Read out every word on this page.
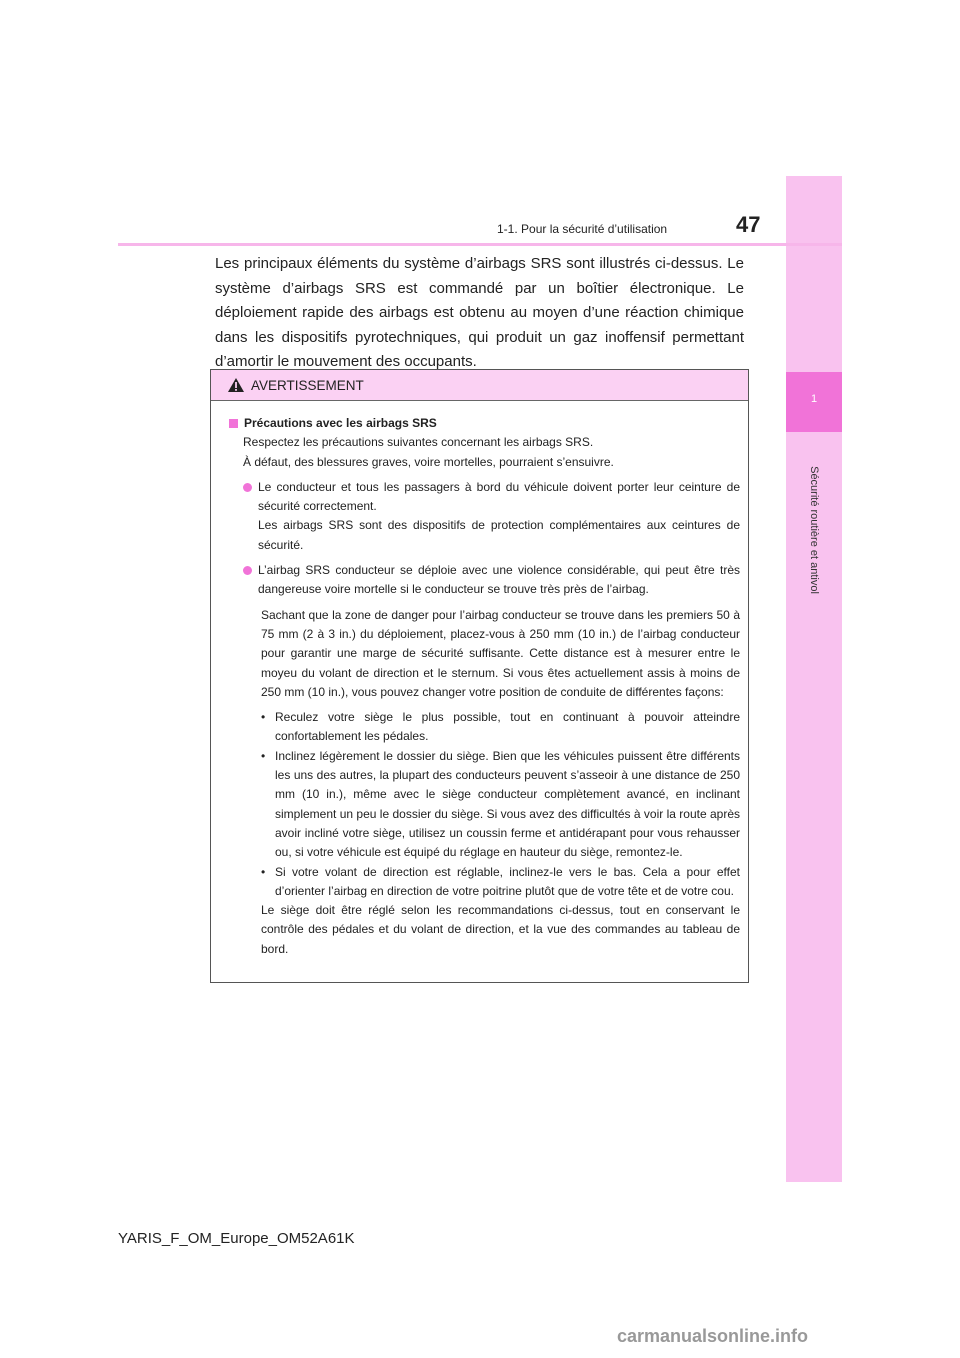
1
Sécurité routière et antivol
1-1. Pour la sécurité d’utilisation	47

Les principaux éléments du système d’airbags SRS sont illustrés ci-dessus. Le système d’airbags SRS est commandé par un boîtier électronique. Le déploiement rapide des airbags est obtenu au moyen d’une réaction chimique dans les dispositifs pyrotechniques, qui produit un gaz inoffensif permettant d’amortir le mouvement des occupants.

AVERTISSEMENT
Précautions avec les airbags SRS
Respectez les précautions suivantes concernant les airbags SRS.
À défaut, des blessures graves, voire mortelles, pourraient s’ensuivre.
Le conducteur et tous les passagers à bord du véhicule doivent porter leur ceinture de sécurité correctement.
Les airbags SRS sont des dispositifs de protection complémentaires aux ceintures de sécurité.
L’airbag SRS conducteur se déploie avec une violence considérable, qui peut être très dangereuse voire mortelle si le conducteur se trouve très près de l’airbag.
Sachant que la zone de danger pour l’airbag conducteur se trouve dans les premiers 50 à 75 mm (2 à 3 in.) du déploiement, placez-vous à 250 mm (10 in.) de l’airbag conducteur pour garantir une marge de sécurité suffisante. Cette distance est à mesurer entre le moyeu du volant de direction et le sternum. Si vous êtes actuellement assis à moins de 250 mm (10 in.), vous pouvez changer votre position de conduite de différentes façons:
• Reculez votre siège le plus possible, tout en continuant à pouvoir atteindre confortablement les pédales.
• Inclinez légèrement le dossier du siège. Bien que les véhicules puissent être différents les uns des autres, la plupart des conducteurs peuvent s’asseoir à une distance de 250 mm (10 in.), même avec le siège conducteur complètement avancé, en inclinant simplement un peu le dossier du siège. Si vous avez des difficultés à voir la route après avoir incliné votre siège, utilisez un coussin ferme et antidérapant pour vous rehausser ou, si votre véhicule est équipé du réglage en hauteur du siège, remontez-le.
• Si votre volant de direction est réglable, inclinez-le vers le bas. Cela a pour effet d’orienter l’airbag en direction de votre poitrine plutôt que de votre tête et de votre cou.
Le siège doit être réglé selon les recommandations ci-dessus, tout en conservant le contrôle des pédales et du volant de direction, et la vue des commandes au tableau de bord.
YARIS_F_OM_Europe_OM52A61K
carmanualsonline.info
